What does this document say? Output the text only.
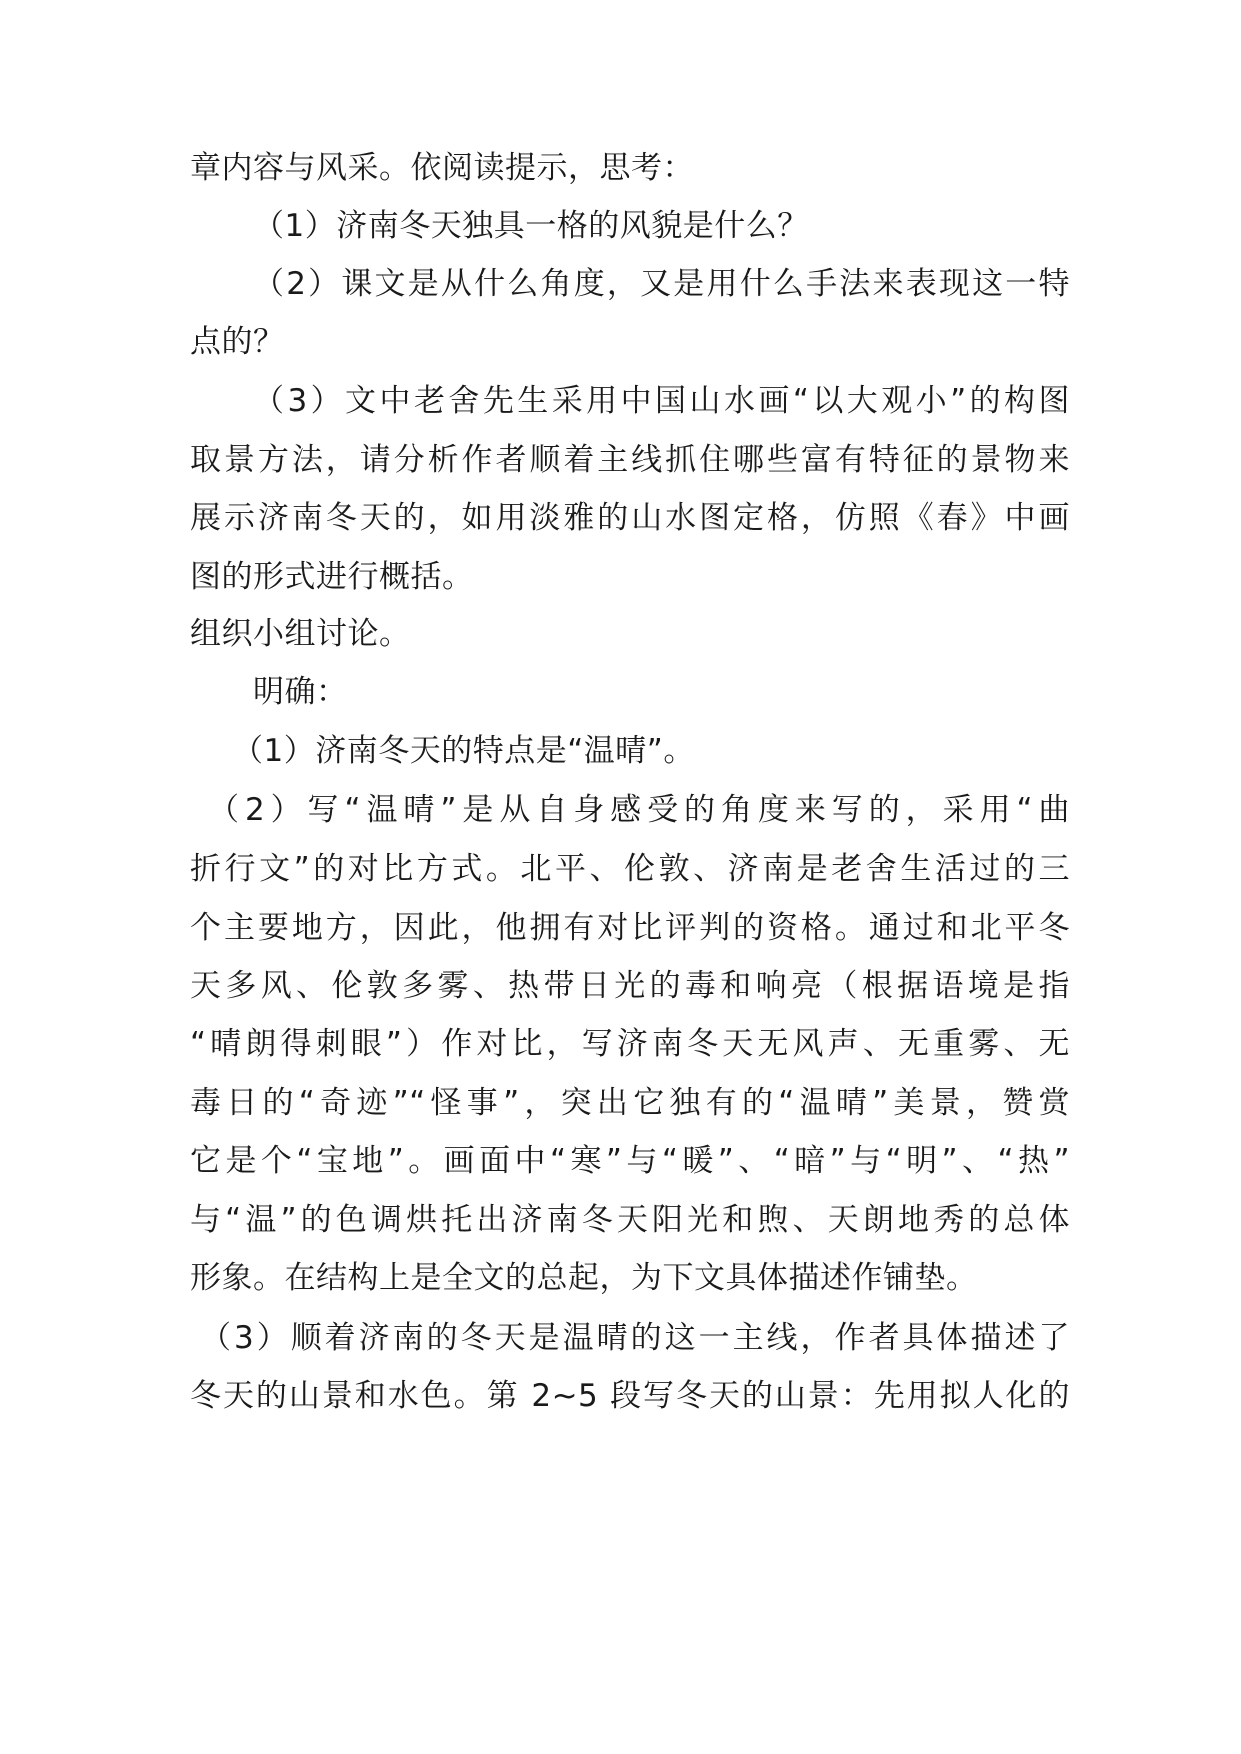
章内容与风采。依阅读提示，思考：
（1）济南冬天独具一格的风貌是什么？
（2）课文是从什么角度，又是用什么手法来表现这一特
点的？
（3）文中老舍先生采用中国山水画“以大观小”的构图
取景方法，请分析作者顺着主线抓住哪些富有特征的景物来
展示济南冬天的，如用淡雅的山水图定格，仿照《春》中画
图的形式进行概括。
组织小组讨论。
明确：
（1）济南冬天的特点是“温晴”。
（2）写“温晴”是从自身感受的角度来写的，采用“曲
折行文”的对比方式。北平、伦敦、济南是老舍生活过的三
个主要地方，因此，他拥有对比评判的资格。通过和北平冬
天多风、伦敦多雾、热带日光的毒和响亮（根据语境是指
“晴朗得刺眼”）作对比，写济南冬天无风声、无重雾、无
毒日的“奇迹”“怪事”，突出它独有的“温晴”美景，赞赏
它是个“宝地”。画面中“寒”与“暖”、“暗”与“明”、“热”
与“温”的色调烘托出济南冬天阳光和煦、天朗地秀的总体
形象。在结构上是全文的总起，为下文具体描述作铺垫。
（3）顺着济南的冬天是温晴的这一主线，作者具体描述了
冬天的山景和水色。第 2~5 段写冬天的山景：先用拟人化的
